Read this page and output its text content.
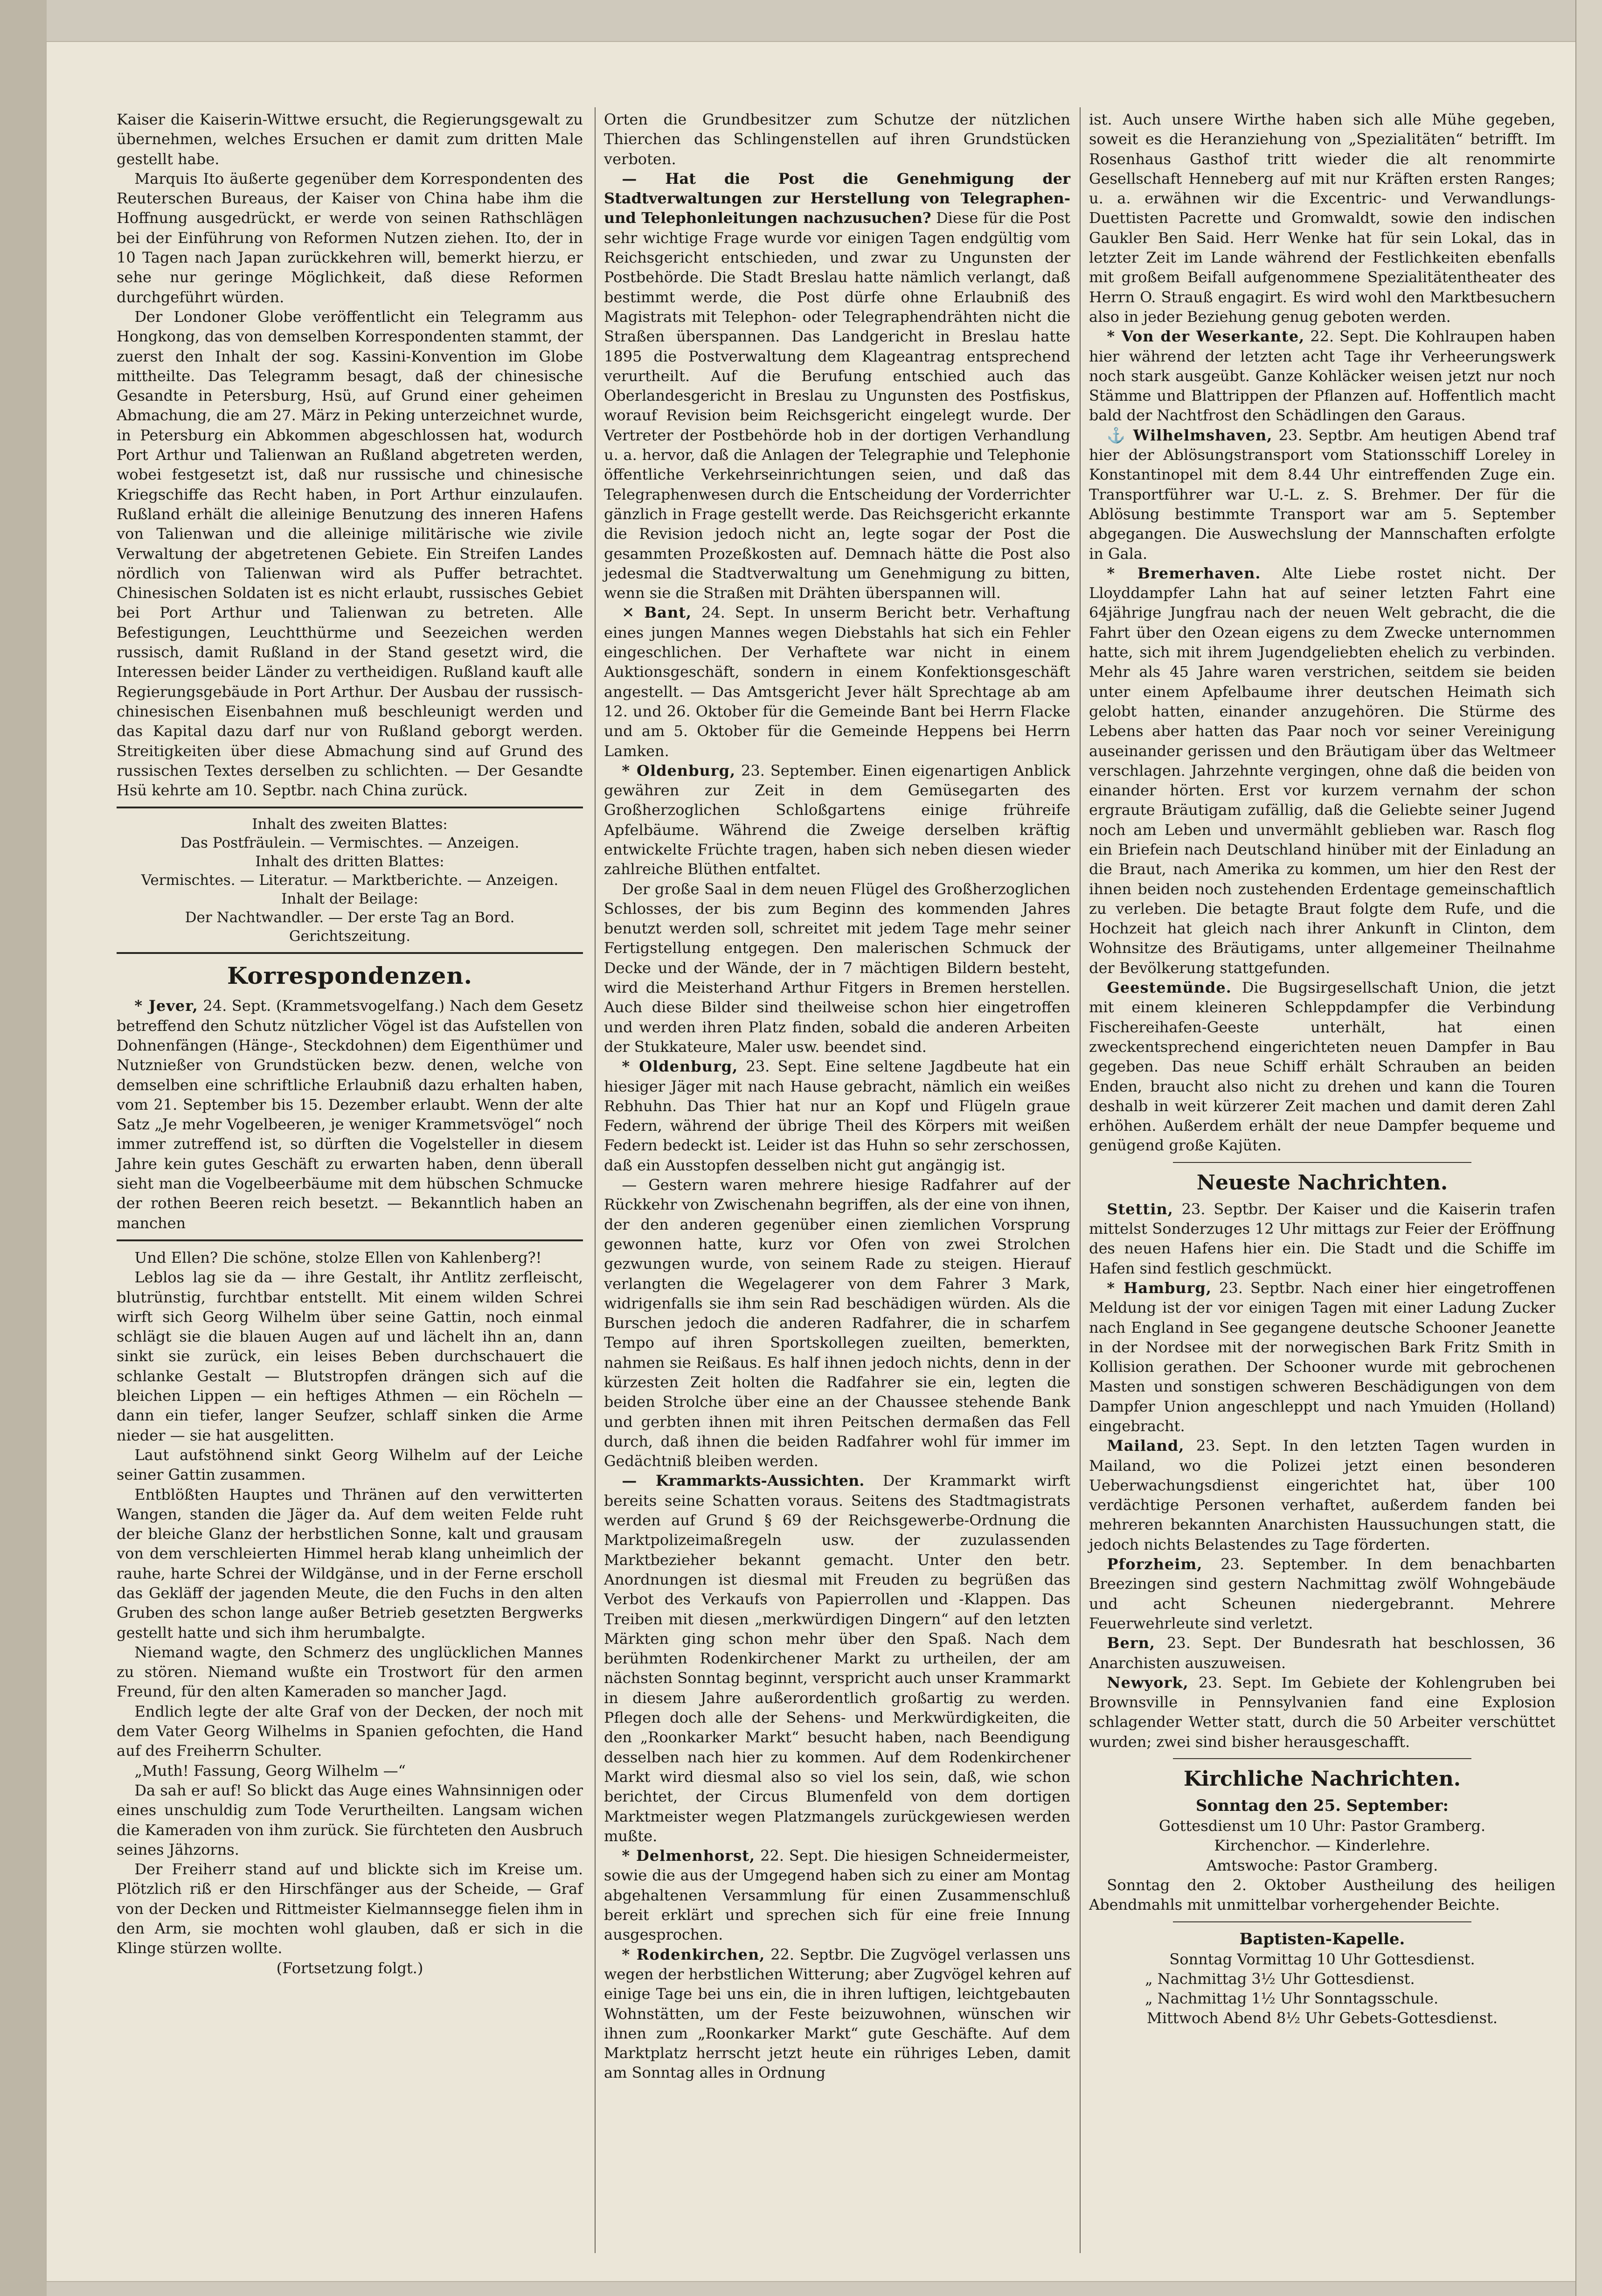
Kaiser die Kaiserin-Wittwe ersucht, die Regierungsgewalt zu übernehmen, welches Ersuchen er damit zum dritten Male gestellt habe.

Marquis Ito äußerte gegenüber dem Korrespondenten des Reuterschen Bureaus, der Kaiser von China habe ihm die Hoffnung ausgedrückt, er werde von seinen Rathschlägen bei der Einführung von Reformen Nutzen ziehen. Ito, der in 10 Tagen nach Japan zurückkehren will, bemerkt hierzu, er sehe nur geringe Möglichkeit, daß diese Reformen durchgeführt würden.

Der Londoner Globe veröffentlicht ein Telegramm aus Hongkong, das von demselben Korrespondenten stammt, der zuerst den Inhalt der sog. Kassini-Konvention im Globe mittheilte. Das Telegramm besagt, daß der chinesische Gesandte in Petersburg, Hsü, auf Grund einer geheimen Abmachung, die am 27. März in Peking unterzeichnet wurde, in Petersburg ein Abkommen abgeschlossen hat, wodurch Port Arthur und Talienwan an Rußland abgetreten werden, wobei festgesetzt ist, daß nur russische und chinesische Kriegschiffe das Recht haben, in Port Arthur einzulaufen. Rußland erhält die alleinige Benutzung des inneren Hafens von Talienwan und die alleinige militärische wie zivile Verwaltung der abgetretenen Gebiete. Ein Streifen Landes nördlich von Talienwan wird als Puffer betrachtet. Chinesischen Soldaten ist es nicht erlaubt, russisches Gebiet bei Port Arthur und Talienwan zu betreten. Alle Befestigungen, Leuchtthürme und Seezeichen werden russisch, damit Rußland in der Stand gesetzt wird, die Interessen beider Länder zu vertheidigen. Rußland kauft alle Regierungsgebäude in Port Arthur. Der Ausbau der russisch-chinesischen Eisenbahnen muß beschleunigt werden und das Kapital dazu darf nur von Rußland geborgt werden. Streitigkeiten über diese Abmachung sind auf Grund des russischen Textes derselben zu schlichten. — Der Gesandte Hsü kehrte am 10. Septbr. nach China zurück.

Inhalt des zweiten Blattes:
Das Postfräulein. — Vermischtes. — Anzeigen.
Inhalt des dritten Blattes:
Vermischtes. — Literatur. — Marktberichte. — Anzeigen.
Inhalt der Beilage:
Der Nachtwandler. — Der erste Tag an Bord.
Gerichtszeitung.
Korrespondenzen.

* Jever, 24. Sept. (Krammetsvogelfang.) Nach dem Gesetz betreffend den Schutz nützlicher Vögel ist das Aufstellen von Dohnenfängen (Hänge-, Steckdohnen) dem Eigenthümer und Nutznießer von Grundstücken bezw. denen, welche von demselben eine schriftliche Erlaubniß dazu erhalten haben, vom 21. September bis 15. Dezember erlaubt. Wenn der alte Satz „Je mehr Vogelbeeren, je weniger Krammetsvögel“ noch immer zutreffend ist, so dürften die Vogelsteller in diesem Jahre kein gutes Geschäft zu erwarten haben, denn überall sieht man die Vogelbeerbäume mit dem hübschen Schmucke der rothen Beeren reich besetzt. — Bekanntlich haben an manchen

Und Ellen? Die schöne, stolze Ellen von Kahlenberg?!

Leblos lag sie da — ihre Gestalt, ihr Antlitz zerfleischt, blutrünstig, furchtbar entstellt. Mit einem wilden Schrei wirft sich Georg Wilhelm über seine Gattin, noch einmal schlägt sie die blauen Augen auf und lächelt ihn an, dann sinkt sie zurück, ein leises Beben durchschauert die schlanke Gestalt — Blutstropfen drängen sich auf die bleichen Lippen — ein heftiges Athmen — ein Röcheln — dann ein tiefer, langer Seufzer, schlaff sinken die Arme nieder — sie hat ausgelitten.

Laut aufstöhnend sinkt Georg Wilhelm auf der Leiche seiner Gattin zusammen.

Entblößten Hauptes und Thränen auf den verwitterten Wangen, standen die Jäger da. Auf dem weiten Felde ruht der bleiche Glanz der herbstlichen Sonne, kalt und grausam von dem verschleierten Himmel herab klang unheimlich der rauhe, harte Schrei der Wildgänse, und in der Ferne erscholl das Gekläff der jagenden Meute, die den Fuchs in den alten Gruben des schon lange außer Betrieb gesetzten Bergwerks gestellt hatte und sich ihm herumbalgte.

Niemand wagte, den Schmerz des unglücklichen Mannes zu stören. Niemand wußte ein Trostwort für den armen Freund, für den alten Kameraden so mancher Jagd.

Endlich legte der alte Graf von der Decken, der noch mit dem Vater Georg Wilhelms in Spanien gefochten, die Hand auf des Freiherrn Schulter.

„Muth! Fassung, Georg Wilhelm —“

Da sah er auf! So blickt das Auge eines Wahnsinnigen oder eines unschuldig zum Tode Verurtheilten. Langsam wichen die Kameraden von ihm zurück. Sie fürchteten den Ausbruch seines Jähzorns.

Der Freiherr stand auf und blickte sich im Kreise um. Plötzlich riß er den Hirschfänger aus der Scheide, — Graf von der Decken und Rittmeister Kielmannsegge fielen ihm in den Arm, sie mochten wohl glauben, daß er sich in die Klinge stürzen wollte.

(Fortsetzung folgt.)

Orten die Grundbesitzer zum Schutze der nützlichen Thierchen das Schlingenstellen auf ihren Grundstücken verboten.

— Hat die Post die Genehmigung der Stadtverwaltungen zur Herstellung von Telegraphen- und Telephonleitungen nachzusuchen? Diese für die Post sehr wichtige Frage wurde vor einigen Tagen endgültig vom Reichsgericht entschieden, und zwar zu Ungunsten der Postbehörde. Die Stadt Breslau hatte nämlich verlangt, daß bestimmt werde, die Post dürfe ohne Erlaubniß des Magistrats mit Telephon- oder Telegraphendrähten nicht die Straßen überspannen. Das Landgericht in Breslau hatte 1895 die Postverwaltung dem Klageantrag entsprechend verurtheilt. Auf die Berufung entschied auch das Oberlandesgericht in Breslau zu Ungunsten des Postfiskus, worauf Revision beim Reichsgericht eingelegt wurde. Der Vertreter der Postbehörde hob in der dortigen Verhandlung u. a. hervor, daß die Anlagen der Telegraphie und Telephonie öffentliche Verkehrseinrichtungen seien, und daß das Telegraphenwesen durch die Entscheidung der Vorderrichter gänzlich in Frage gestellt werde. Das Reichsgericht erkannte die Revision jedoch nicht an, legte sogar der Post die gesammten Prozeßkosten auf. Demnach hätte die Post also jedesmal die Stadtverwaltung um Genehmigung zu bitten, wenn sie die Straßen mit Drähten überspannen will.

✕ Bant, 24. Sept. In unserm Bericht betr. Verhaftung eines jungen Mannes wegen Diebstahls hat sich ein Fehler eingeschlichen. Der Verhaftete war nicht in einem Auktionsgeschäft, sondern in einem Konfektionsgeschäft angestellt. — Das Amtsgericht Jever hält Sprechtage ab am 12. und 26. Oktober für die Gemeinde Bant bei Herrn Flacke und am 5. Oktober für die Gemeinde Heppens bei Herrn Lamken.

* Oldenburg, 23. September. Einen eigenartigen Anblick gewähren zur Zeit in dem Gemüsegarten des Großherzoglichen Schloßgartens einige frühreife Apfelbäume. Während die Zweige derselben kräftig entwickelte Früchte tragen, haben sich neben diesen wieder zahlreiche Blüthen entfaltet.

Der große Saal in dem neuen Flügel des Großherzoglichen Schlosses, der bis zum Beginn des kommenden Jahres benutzt werden soll, schreitet mit jedem Tage mehr seiner Fertigstellung entgegen. Den malerischen Schmuck der Decke und der Wände, der in 7 mächtigen Bildern besteht, wird die Meisterhand Arthur Fitgers in Bremen herstellen. Auch diese Bilder sind theilweise schon hier eingetroffen und werden ihren Platz finden, sobald die anderen Arbeiten der Stukkateure, Maler usw. beendet sind.

* Oldenburg, 23. Sept. Eine seltene Jagdbeute hat ein hiesiger Jäger mit nach Hause gebracht, nämlich ein weißes Rebhuhn. Das Thier hat nur an Kopf und Flügeln graue Federn, während der übrige Theil des Körpers mit weißen Federn bedeckt ist. Leider ist das Huhn so sehr zerschossen, daß ein Ausstopfen desselben nicht gut angängig ist.

— Gestern waren mehrere hiesige Radfahrer auf der Rückkehr von Zwischenahn begriffen, als der eine von ihnen, der den anderen gegenüber einen ziemlichen Vorsprung gewonnen hatte, kurz vor Ofen von zwei Strolchen gezwungen wurde, von seinem Rade zu steigen. Hierauf verlangten die Wegelagerer von dem Fahrer 3 Mark, widrigenfalls sie ihm sein Rad beschädigen würden. Als die Burschen jedoch die anderen Radfahrer, die in scharfem Tempo auf ihren Sportskollegen zueilten, bemerkten, nahmen sie Reißaus. Es half ihnen jedoch nichts, denn in der kürzesten Zeit holten die Radfahrer sie ein, legten die beiden Strolche über eine an der Chaussee stehende Bank und gerbten ihnen mit ihren Peitschen dermaßen das Fell durch, daß ihnen die beiden Radfahrer wohl für immer im Gedächtniß bleiben werden.

— Krammarkts-Aussichten. Der Krammarkt wirft bereits seine Schatten voraus. Seitens des Stadtmagistrats werden auf Grund § 69 der Reichsgewerbe-Ordnung die Marktpolizeimaßregeln usw. der zuzulassenden Marktbezieher bekannt gemacht. Unter den betr. Anordnungen ist diesmal mit Freuden zu begrüßen das Verbot des Verkaufs von Papierrollen und -Klappen. Das Treiben mit diesen „merkwürdigen Dingern“ auf den letzten Märkten ging schon mehr über den Spaß. Nach dem berühmten Rodenkirchener Markt zu urtheilen, der am nächsten Sonntag beginnt, verspricht auch unser Krammarkt in diesem Jahre außerordentlich großartig zu werden. Pflegen doch alle der Sehens- und Merkwürdigkeiten, die den „Roonkarker Markt“ besucht haben, nach Beendigung desselben nach hier zu kommen. Auf dem Rodenkirchener Markt wird diesmal also so viel los sein, daß, wie schon berichtet, der Circus Blumenfeld von dem dortigen Marktmeister wegen Platzmangels zurückgewiesen werden mußte.

* Delmenhorst, 22. Sept. Die hiesigen Schneidermeister, sowie die aus der Umgegend haben sich zu einer am Montag abgehaltenen Versammlung für einen Zusammenschluß bereit erklärt und sprechen sich für eine freie Innung ausgesprochen.

* Rodenkirchen, 22. Septbr. Die Zugvögel verlassen uns wegen der herbstlichen Witterung; aber Zugvögel kehren auf einige Tage bei uns ein, die in ihren luftigen, leichtgebauten Wohnstätten, um der Feste beizuwohnen, wünschen wir ihnen zum „Roonkarker Markt“ gute Geschäfte. Auf dem Marktplatz herrscht jetzt heute ein rühriges Leben, damit am Sonntag alles in Ordnung

ist. Auch unsere Wirthe haben sich alle Mühe gegeben, soweit es die Heranziehung von „Spezialitäten“ betrifft. Im Rosenhaus Gasthof tritt wieder die alt renommirte Gesellschaft Henneberg auf mit nur Kräften ersten Ranges; u. a. erwähnen wir die Excentric- und Verwandlungs-Duettisten Pacrette und Gromwaldt, sowie den indischen Gaukler Ben Said. Herr Wenke hat für sein Lokal, das in letzter Zeit im Lande während der Festlichkeiten ebenfalls mit großem Beifall aufgenommene Spezialitätentheater des Herrn O. Strauß engagirt. Es wird wohl den Marktbesuchern also in jeder Beziehung genug geboten werden.

* Von der Weserkante, 22. Sept. Die Kohlraupen haben hier während der letzten acht Tage ihr Verheerungswerk noch stark ausgeübt. Ganze Kohläcker weisen jetzt nur noch Stämme und Blattrippen der Pflanzen auf. Hoffentlich macht bald der Nachtfrost den Schädlingen den Garaus.

⚓ Wilhelmshaven, 23. Septbr. Am heutigen Abend traf hier der Ablösungstransport vom Stationsschiff Loreley in Konstantinopel mit dem 8.44 Uhr eintreffenden Zuge ein. Transportführer war U.-L. z. S. Brehmer. Der für die Ablösung bestimmte Transport war am 5. September abgegangen. Die Auswechslung der Mannschaften erfolgte in Gala.

* Bremerhaven. Alte Liebe rostet nicht. Der Lloyddampfer Lahn hat auf seiner letzten Fahrt eine 64jährige Jungfrau nach der neuen Welt gebracht, die die Fahrt über den Ozean eigens zu dem Zwecke unternommen hatte, sich mit ihrem Jugendgeliebten ehelich zu verbinden. Mehr als 45 Jahre waren verstrichen, seitdem sie beiden unter einem Apfelbaume ihrer deutschen Heimath sich gelobt hatten, einander anzugehören. Die Stürme des Lebens aber hatten das Paar noch vor seiner Vereinigung auseinander gerissen und den Bräutigam über das Weltmeer verschlagen. Jahrzehnte vergingen, ohne daß die beiden von einander hörten. Erst vor kurzem vernahm der schon ergraute Bräutigam zufällig, daß die Geliebte seiner Jugend noch am Leben und unvermählt geblieben war. Rasch flog ein Briefein nach Deutschland hinüber mit der Einladung an die Braut, nach Amerika zu kommen, um hier den Rest der ihnen beiden noch zustehenden Erdentage gemeinschaftlich zu verleben. Die betagte Braut folgte dem Rufe, und die Hochzeit hat gleich nach ihrer Ankunft in Clinton, dem Wohnsitze des Bräutigams, unter allgemeiner Theilnahme der Bevölkerung stattgefunden.

Geestemünde. Die Bugsirgesellschaft Union, die jetzt mit einem kleineren Schleppdampfer die Verbindung Fischereihafen-Geeste unterhält, hat einen zweckentsprechend eingerichteten neuen Dampfer in Bau gegeben. Das neue Schiff erhält Schrauben an beiden Enden, braucht also nicht zu drehen und kann die Touren deshalb in weit kürzerer Zeit machen und damit deren Zahl erhöhen. Außerdem erhält der neue Dampfer bequeme und genügend große Kajüten.

Neueste Nachrichten.

Stettin, 23. Septbr. Der Kaiser und die Kaiserin trafen mittelst Sonderzuges 12 Uhr mittags zur Feier der Eröffnung des neuen Hafens hier ein. Die Stadt und die Schiffe im Hafen sind festlich geschmückt.

* Hamburg, 23. Septbr. Nach einer hier eingetroffenen Meldung ist der vor einigen Tagen mit einer Ladung Zucker nach England in See gegangene deutsche Schooner Jeanette in der Nordsee mit der norwegischen Bark Fritz Smith in Kollision gerathen. Der Schooner wurde mit gebrochenen Masten und sonstigen schweren Beschädigungen von dem Dampfer Union angeschleppt und nach Ymuiden (Holland) eingebracht.

Mailand, 23. Sept. In den letzten Tagen wurden in Mailand, wo die Polizei jetzt einen besonderen Ueberwachungsdienst eingerichtet hat, über 100 verdächtige Personen verhaftet, außerdem fanden bei mehreren bekannten Anarchisten Haussuchungen statt, die jedoch nichts Belastendes zu Tage förderten.

Pforzheim, 23. September. In dem benachbarten Breezingen sind gestern Nachmittag zwölf Wohngebäude und acht Scheunen niedergebrannt. Mehrere Feuerwehrleute sind verletzt.

Bern, 23. Sept. Der Bundesrath hat beschlossen, 36 Anarchisten auszuweisen.

Newyork, 23. Sept. Im Gebiete der Kohlengruben bei Brownsville in Pennsylvanien fand eine Explosion schlagender Wetter statt, durch die 50 Arbeiter verschüttet wurden; zwei sind bisher herausgeschafft.

Kirchliche Nachrichten.
Sonntag den 25. September:

Gottesdienst um 10 Uhr: Pastor Gramberg.

Kirchenchor. — Kinderlehre.

Amtswoche: Pastor Gramberg.

Sonntag den 2. Oktober Austheilung des heiligen Abendmahls mit unmittelbar vorhergehender Beichte.

Baptisten-Kapelle.

Sonntag Vormittag 10 Uhr Gottesdienst.

„ Nachmittag 3½ Uhr Gottesdienst.

„ Nachmittag 1½ Uhr Sonntagsschule.

Mittwoch Abend 8½ Uhr Gebets-Gottesdienst.
